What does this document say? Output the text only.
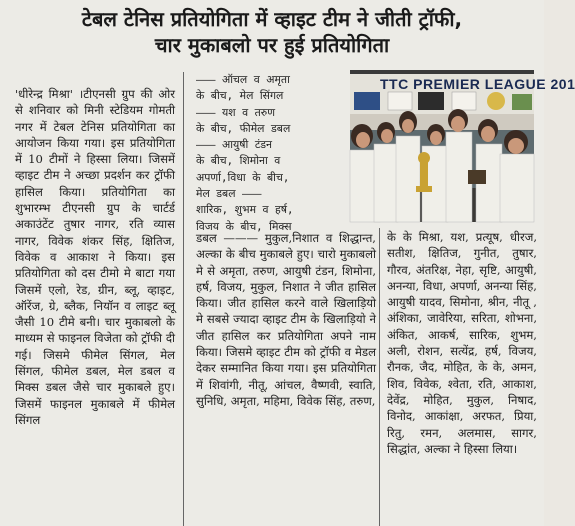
टेबल टेनिस प्रतियोगिता में व्हाइट टीम ने जीती ट्रॉफी,
चार मुकाबलो पर हुई प्रतियोगिता
'धीरेन्द्र मिश्रा' ।टीएनसी ग्रुप की ओर से शनिवार को मिनी स्टेडियम गोमती नगर में टेबल टेनिस प्रतियोगिता का आयोजन किया गया। इस प्रतियोगिता में 10 टीमों ने हिस्सा लिया। जिसमें व्हाइट टीम ने अच्छा प्रदर्शन कर ट्रॉफी हासिल किया। प्रतियोगिता का शुभारम्भ टीएनसी ग्रुप के चार्टर्ड अकाउंटेंट तुषार नागर, रति व्यास नागर, विवेक शंकर सिंह, क्षितिज, विवेक व आकाश ने किया। इस प्रतियोगिता को दस टीमो मे बाटा गया जिसमें एलो, रेड, ग्रीन, ब्लू, व्हाइट, ऑरेंज, ग्रे, ब्लैक, नियॉन व लाइट ब्लू जैसी 10 टीमे बनी। चार मुकाबलो के माध्यम से फाइनल विजेता को ट्रॉफी दी गई। जिसमे फीमेल सिंगल, मेल सिंगल, फीमेल डबल, मेल डबल व मिक्स डबल जैसे चार मुकाबले हुए। जिसमें फाइनल मुकाबले में फीमेल सिंगल
——— ऑचल व अमृता
के बीच, मेल सिंगल
——— यश व तरुण
के बीच, फीमेल डबल
——— आयुषी टंडन
के बीच, शिमोना व
अपर्णा,विधा के बीच,
मेल डबल ———
शारिक, शुभम व हर्ष,
विजय के बीच, मिक्स
डबल ——— मुकुल,निशात व शिद्धान्त, अल्का के बीच मुकाबले हुए। चारो मुकाबलो मे से अमृता, तरुण, आयुषी टंडन, शिमोना, हर्ष, विजय, मुकुल, निशात ने जीत हासिल किया। जीत हासिल करने वाले खिलाड़ियो मे सबसे ज्यादा व्हाइट टीम के खिलाड़ियो ने जीत हासिल कर प्रतियोगिता अपने नाम किया। जिसमे व्हाइट टीम को ट्रॉफी व मेडल देकर सम्मानित किया गया। इस प्रतियोगिता में शिवांगी, नीतू, आंचल, वैष्णवी, स्वाति, सुनिधि, अमृता, महिमा, विवेक सिंह, तरुण,
के के मिश्रा, यश, प्रत्यूष, धीरज, सतीश, क्षितिज, गुनीत, तुषार, गौरव, अंतरिक्ष, नेहा, सृष्टि, आयुषी, अनन्या, विधा, अपर्णा, अनन्या सिंह, आयुषी यादव, सिमोना, श्रीन, नीतू , अंशिका, जावेरिया, सरिता, शोभना, अंकित, आकर्ष, सारिक, शुभम, अली, रोशन, सत्येंद्र, हर्ष, विजय, रौनक, जैद, मोहित, के के, अमन, शिव, विवेक, श्वेता, रति, आकाश, देवेंद्र, मोहित, मुकुल, निषाद, विनोद, आकांक्षा, अरफत, प्रिया, रितु, रमन, अलमास, सागर, सिद्धांत, अल्का ने हिस्सा लिया।
TTC PREMIER LEAGUE 201
